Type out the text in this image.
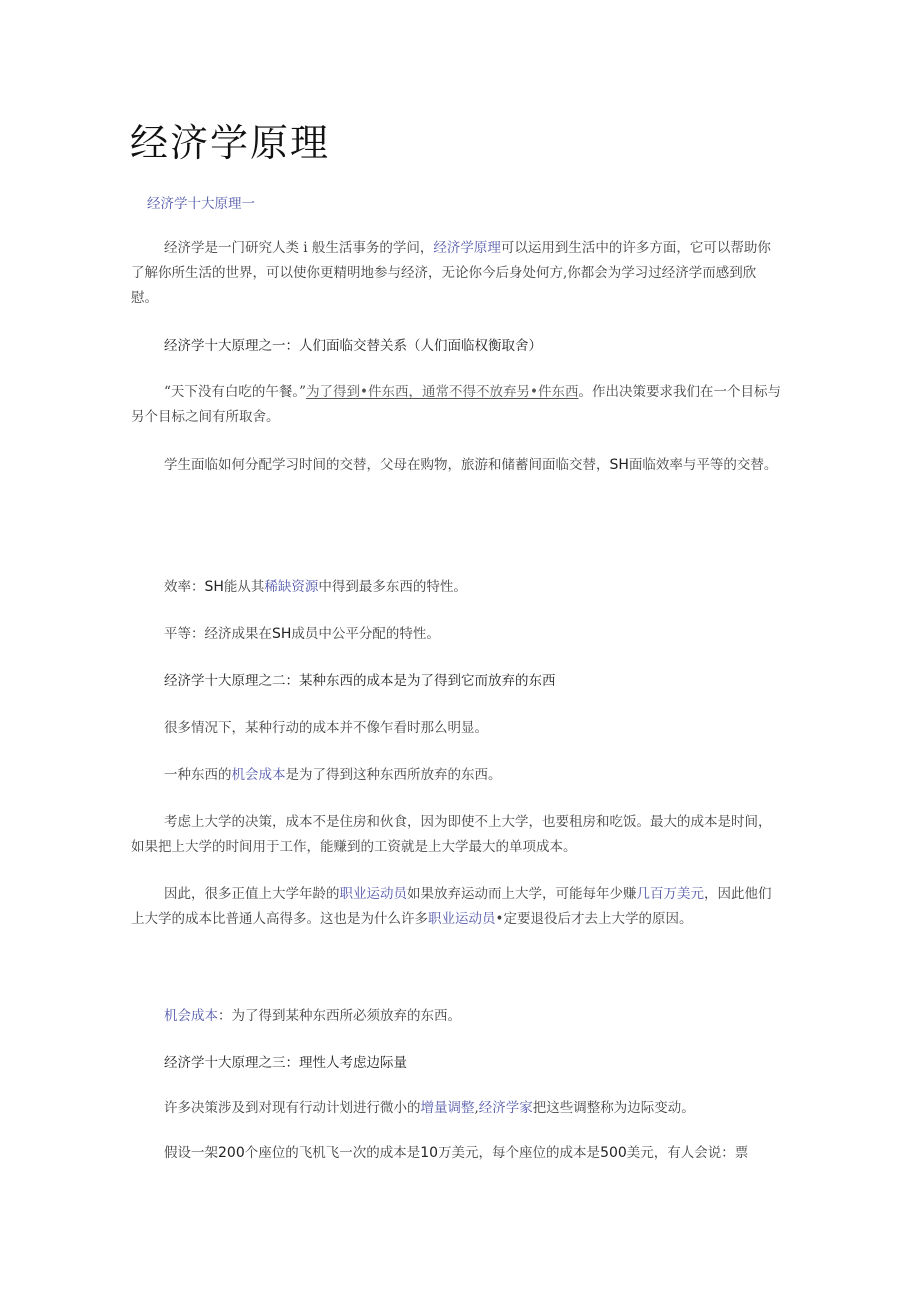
经济学原理
经济学十大原理一

经济学是一门研究人类 i 般生活事务的学问，经济学原理可以运用到生活中的许多方面，它可以帮助你了解你所生活的世界，可以使你更精明地参与经济，无论你今后身处何方,你都会为学习过经济学而感到欣慰。

经济学十大原理之一：人们面临交替关系（人们面临权衡取舍）

“天下没有白吃的午餐。”为了得到•件东西，通常不得不放弃另•件东西。作出决策要求我们在一个目标与另个目标之间有所取舍。

学生面临如何分配学习时间的交替，父母在购物，旅游和储蓄间面临交替，SH面临效率与平等的交替。

效率：SH能从其稀缺资源中得到最多东西的特性。
平等：经济成果在SH成员中公平分配的特性。
经济学十大原理之二：某种东西的成本是为了得到它而放弃的东西
很多情况下，某种行动的成本并不像乍看时那么明显。
一种东西的机会成本是为了得到这种东西所放弃的东西。

考虑上大学的决策，成本不是住房和伙食，因为即使不上大学，也要租房和吃饭。最大的成本是时间，如果把上大学的时间用于工作，能赚到的工资就是上大学最大的单项成本。

因此，很多正值上大学年龄的职业运动员如果放弃运动而上大学，可能每年少赚几百万美元，因此他们上大学的成本比普通人高得多。这也是为什么许多职业运动员•定要退役后才去上大学的原因。

机会成本：为了得到某种东西所必须放弃的东西。
经济学十大原理之三：理性人考虑边际量
许多决策涉及到对现有行动计划进行微小的增量调整,经济学家把这些调整称为边际变动。
假设一架200个座位的飞机飞一次的成本是10万美元，每个座位的成本是500美元，有人会说：票
